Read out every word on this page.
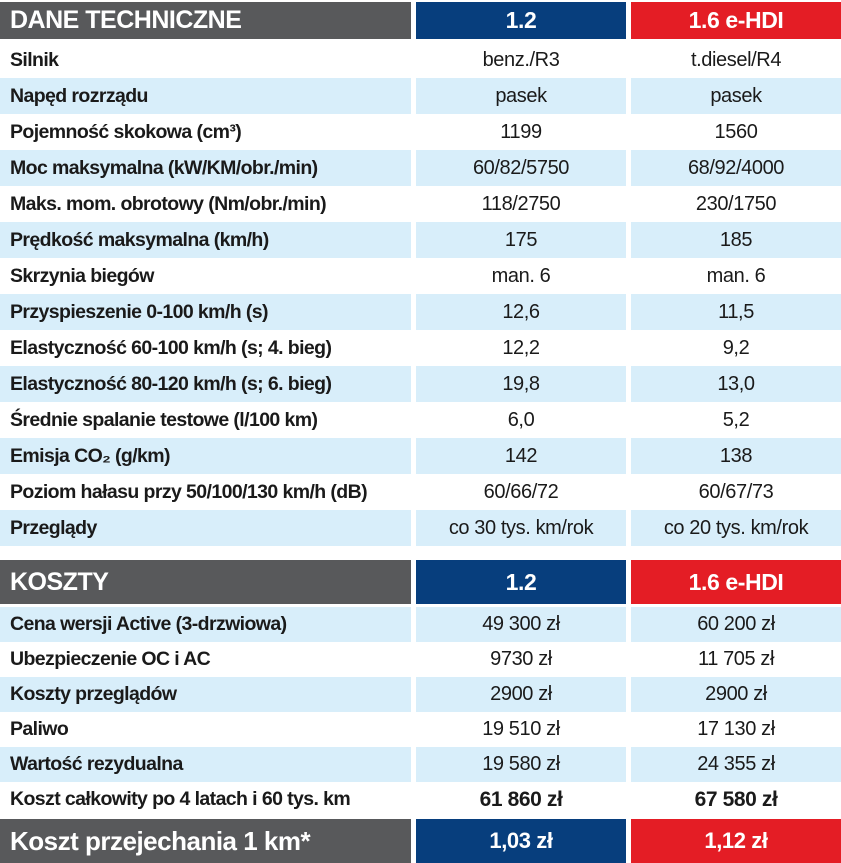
DANE TECHNICZNE	1.2	1.6 e-HDI
Silnik	benz./R3	t.diesel/R4
Napęd rozrządu	pasek	pasek
Pojemność skokowa (cm³)	1199	1560
Moc maksymalna (kW/KM/obr./min)	60/82/5750	68/92/4000
Maks. mom. obrotowy (Nm/obr./min)	118/2750	230/1750
Prędkość maksymalna (km/h)	175	185
Skrzynia biegów	man. 6	man. 6
Przyspieszenie 0-100 km/h (s)	12,6	11,5
Elastyczność 60-100 km/h (s; 4. bieg)	12,2	9,2
Elastyczność 80-120 km/h (s; 6. bieg)	19,8	13,0
Średnie spalanie testowe (l/100 km)	6,0	5,2
Emisja CO₂ (g/km)	142	138
Poziom hałasu przy 50/100/130 km/h (dB)	60/66/72	60/67/73
Przeglądy	co 30 tys. km/rok	co 20 tys. km/rok
KOSZTY	1.2	1.6 e-HDI
Cena wersji Active (3-drzwiowa)	49 300 zł	60 200 zł
Ubezpieczenie OC i AC	9730 zł	11 705 zł
Koszty przeglądów	2900 zł	2900 zł
Paliwo	19 510 zł	17 130 zł
Wartość rezydualna	19 580 zł	24 355 zł
Koszt całkowity po 4 latach i 60 tys. km	61 860 zł	67 580 zł
Koszt przejechania 1 km*	1,03 zł	1,12 zł
